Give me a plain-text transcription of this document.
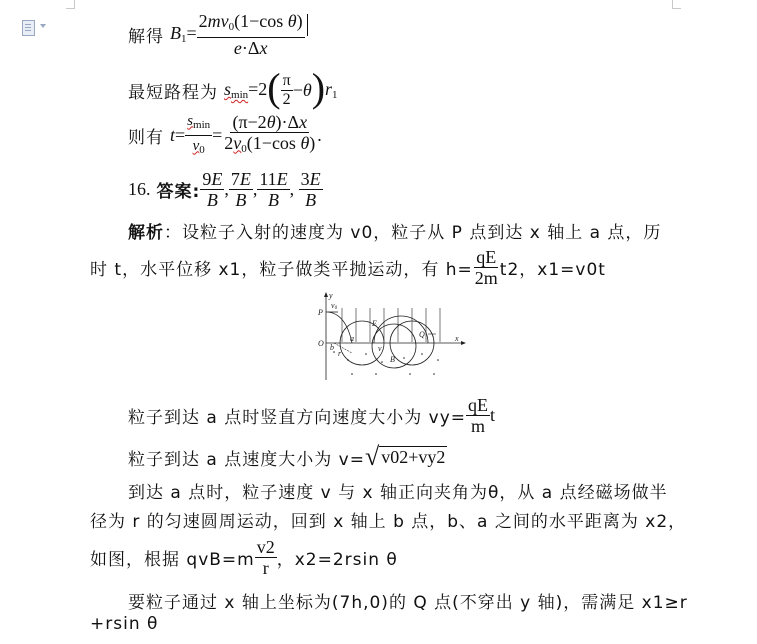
解得 $B_1= \frac{2mv_0(1-\cos \theta)}{e\cdot\Delta x}$
最短路程为 $s_{min}=2$ ( $\frac{\pi}{2} -\theta$ ) $r_1$
则有 $t= \frac{s_{min}}{v_0} = \frac{(\pi-2\theta)\cdot\Delta x}{2v_0(1-\cos \theta)}$ .
16. 答案: $\frac{9E}{B}$ , $\frac{7E}{B}$ , $\frac{11E}{B}$ , $\frac{3E}{B}$
解析：设粒子入射的速度为 v0，粒子从 P 点到达 x 轴上 a 点，历
时 t，水平位移 x1，粒子做类平抛运动，有 $h= \frac{qE}{2m} t2$，x1=v0t
y
x
P
v0
E
Q
O b
a
r
v
B
粒子到达 a 点时竖直方向速度大小为 $vy= \frac{qE}{m}$ t
粒子到达 a 点速度大小为 v= √ v02+vy2
到达 a 点时，粒子速度 v 与 x 轴正向夹角为θ，从 a 点经磁场做半
径为 r 的匀速圆周运动，回到 x 轴上 b 点，b、a 之间的水平距离为 x2，
如图，根据 $qvB=m \frac{v2}{r}$ ，x2=2rsin θ
要粒子通过 x 轴上坐标为(7h,0)的 Q 点(不穿出 y 轴)，需满足 x1≥r
+rsin θ
